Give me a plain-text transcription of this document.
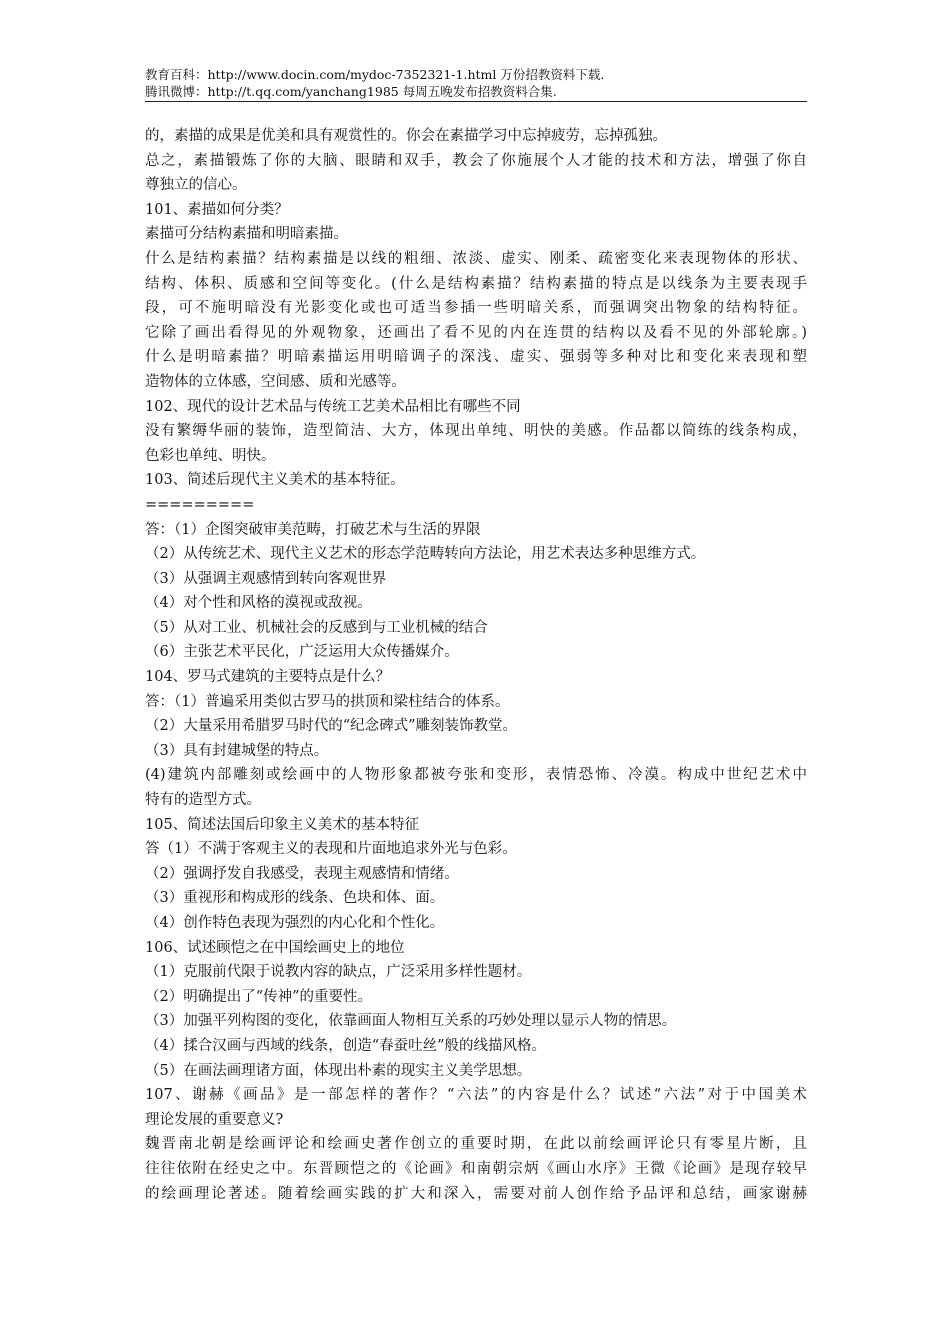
教育百科：http://www.docin.com/mydoc-7352321-1.html 万份招教资料下载.
腾讯微博：http://t.qq.com/yanchang1985 每周五晚发布招教资料合集.
的，素描的成果是优美和具有观赏性的。你会在素描学习中忘掉疲劳，忘掉孤独。
总之，素描锻炼了你的大脑、眼睛和双手，教会了你施展个人才能的技术和方法，增强了你自
尊独立的信心。
101、素描如何分类？
素描可分结构素描和明暗素描。
什么是结构素描？结构素描是以线的粗细、浓淡、虚实、刚柔、疏密变化来表现物体的形状、
结构、体积、质感和空间等变化。(什么是结构素描？结构素描的特点是以线条为主要表现手
段，可不施明暗没有光影变化或也可适当参插一些明暗关系，而强调突出物象的结构特征。
它除了画出看得见的外观物象，还画出了看不见的内在连贯的结构以及看不见的外部轮廓。)
什么是明暗素描？明暗素描运用明暗调子的深浅、虚实、强弱等多种对比和变化来表现和塑
造物体的立体感，空间感、质和光感等。
102、现代的设计艺术品与传统工艺美术品相比有哪些不同
没有繁缛华丽的装饰，造型简洁、大方，体现出单纯、明快的美感。作品都以简练的线条构成，
色彩也单纯、明快。
103、简述后现代主义美术的基本特征。
=========
答：（1）企图突破审美范畴，打破艺术与生活的界限
（2）从传统艺术、现代主义艺术的形态学范畴转向方法论，用艺术表达多种思维方式。
（3）从强调主观感情到转向客观世界
（4）对个性和风格的漠视或敌视。
（5）从对工业、机械社会的反感到与工业机械的结合
（6）主张艺术平民化，广泛运用大众传播媒介。
104、罗马式建筑的主要特点是什么？
答：（1）普遍采用类似古罗马的拱顶和梁柱结合的体系。
（2）大量采用希腊罗马时代的“纪念碑式”雕刻装饰教堂。
（3）具有封建城堡的特点。
(4)建筑内部雕刻或绘画中的人物形象都被夸张和变形，表情恐怖、冷漠。构成中世纪艺术中
特有的造型方式。
105、简述法国后印象主义美术的基本特征
答（1）不满于客观主义的表现和片面地追求外光与色彩。
（2）强调抒发自我感受，表现主观感情和情绪。
（3）重视形和构成形的线条、色块和体、面。
（4）创作特色表现为强烈的内心化和个性化。
106、试述顾恺之在中国绘画史上的地位
（1）克服前代限于说教内容的缺点，广泛采用多样性题材。
（2）明确提出了“传神”的重要性。
（3）加强平列构图的变化，依靠画面人物相互关系的巧妙处理以显示人物的情思。
（4）揉合汉画与西域的线条，创造“春蚕吐丝”般的线描风格。
（5）在画法画理诸方面，体现出朴素的现实主义美学思想。
107、谢赫《画品》是一部怎样的著作？“六法”的内容是什么？试述“六法”对于中国美术
理论发展的重要意义?
魏晋南北朝是绘画评论和绘画史著作创立的重要时期，在此以前绘画评论只有零星片断，且
往往依附在经史之中。东晋顾恺之的《论画》和南朝宗炳《画山水序》王微《论画》是现存较早
的绘画理论著述。随着绘画实践的扩大和深入，需要对前人创作给予品评和总结，画家谢赫
